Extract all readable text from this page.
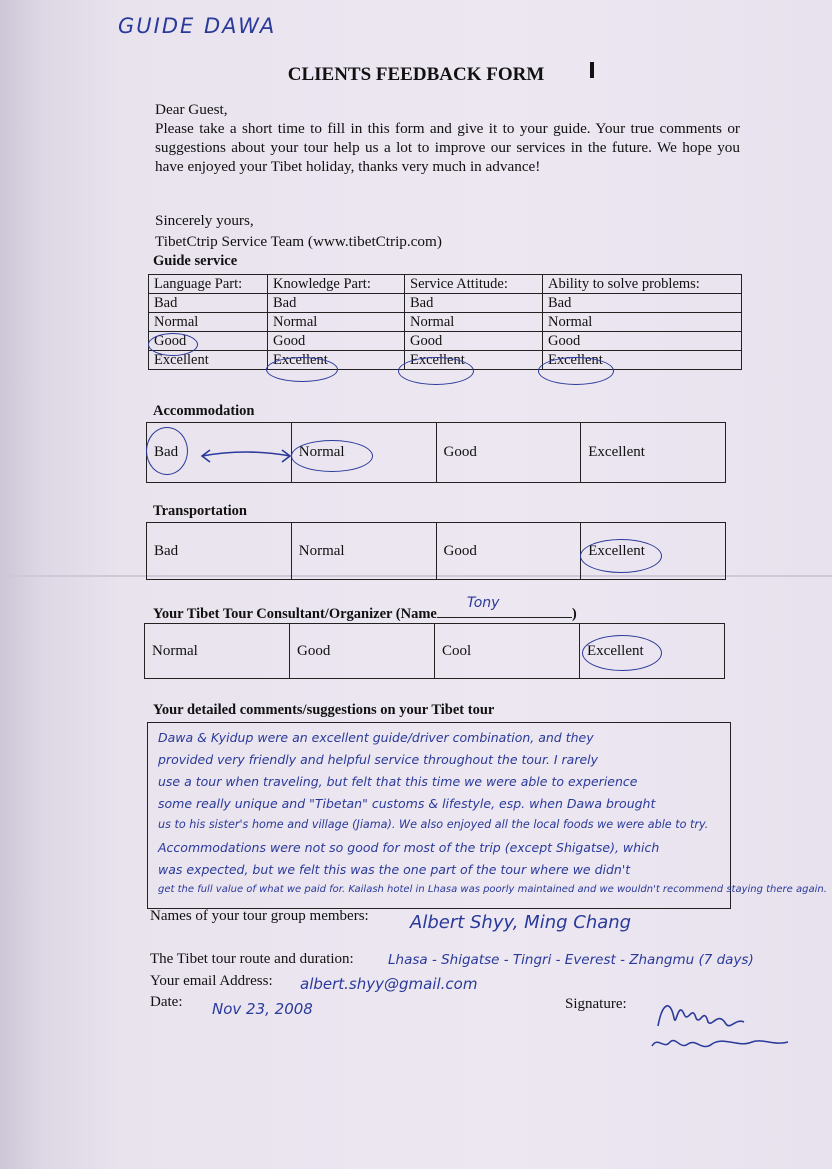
GUIDE DAWA
CLIENTS FEEDBACK FORM

Dear Guest,

Please take a short time to fill in this form and give it to your guide. Your true comments or suggestions about your tour help us a lot to improve our services in the future. We hope you have enjoyed your Tibet holiday, thanks very much in advance!

Sincerely yours,
TibetCtrip Service Team (www.tibetCtrip.com)
Guide service
Language Part:	Knowledge Part:	Service Attitude:	Ability to solve problems:
Bad	Bad	Bad	Bad
Normal	Normal	Normal	Normal
Good	Good	Good	Good
Excellent	Excellent	Excellent	Excellent
Accommodation
Bad	Normal	Good	Excellent
Transportation
Bad	Normal	Good	Excellent
Your Tibet Tour Consultant/Organizer (Name
Tony
)
Normal	Good	Cool	Excellent
Your detailed comments/suggestions on your Tibet tour
Dawa & Kyidup were an excellent guide/driver combination, and they
provided very friendly and helpful service throughout the tour. I rarely
use a tour when traveling, but felt that this time we were able to experience
some really unique and "Tibetan" customs & lifestyle, esp. when Dawa brought
us to his sister's home and village (Jiama). We also enjoyed all the local foods we were able to try.
Accommodations were not so good for most of the trip (except Shigatse), which
was expected, but we felt this was the one part of the tour where we didn't
get the full value of what we paid for. Kailash hotel in Lhasa was poorly maintained and we wouldn't recommend staying there again.
Names of your tour group members: Albert Shyy, Ming Chang
The Tibet tour route and duration:	Lhasa - Shigatse - Tingri - Everest - Zhangmu (7 days)
Your email Address: albert.shyy@gmail.com
Date: Nov 23, 2008	Signature:
